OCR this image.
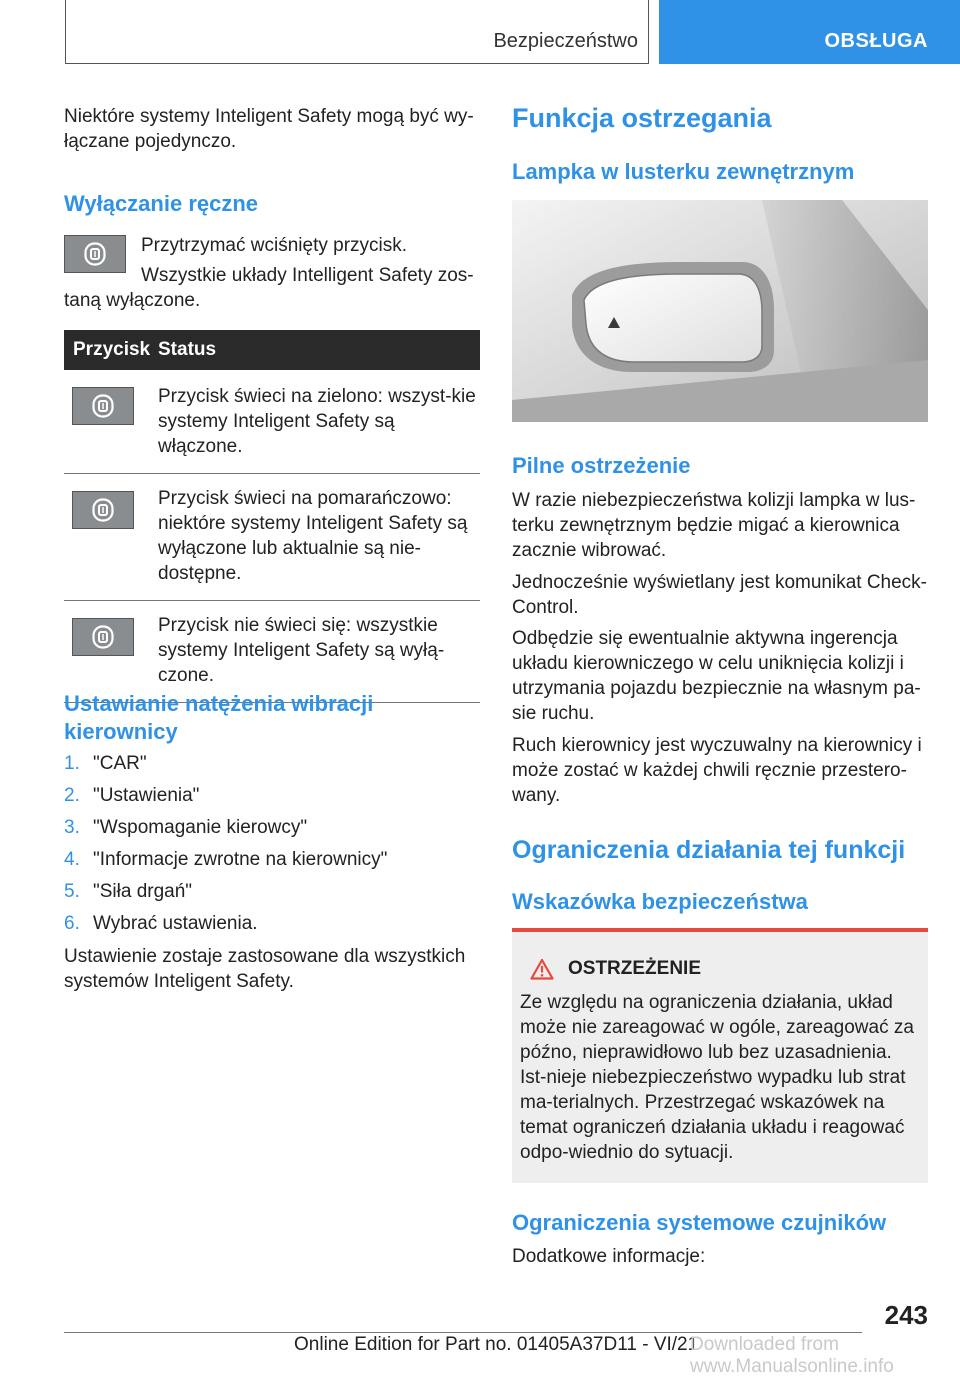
Bezpieczeństwo	OBSŁUGA

Niektóre systemy Inteligent Safety mogą być wy-łączane pojedynczo.

Wyłączanie ręczne

Przytrzymać wciśnięty przycisk.

Wszystkie układy Intelligent Safety zos-taną wyłączone.

Przycisk	Status

	Przycisk świeci na zielono: wszyst-kie systemy Inteligent Safety są włączone.

	Przycisk świeci na pomarańczowo: niektóre systemy Inteligent Safety są wyłączone lub aktualnie są nie-dostępne.

	Przycisk nie świeci się: wszystkie systemy Inteligent Safety są wyłą-czone.
Ustawianie natężenia wibracji kierownicy
1. "CAR"
2. "Ustawienia"
3. "Wspomaganie kierowcy"
4. "Informacje zwrotne na kierownicy"
5. "Siła drgań"
6. Wybrać ustawienia.

Ustawienie zostaje zastosowane dla wszystkich systemów Inteligent Safety.

Funkcja ostrzegania
Lampka w lusterku zewnętrznym
Pilne ostrzeżenie

W razie niebezpieczeństwa kolizji lampka w lus-terku zewnętrznym będzie migać a kierownica zacznie wibrować.

Jednocześnie wyświetlany jest komunikat Check-Control.

Odbędzie się ewentualnie aktywna ingerencja układu kierowniczego w celu uniknięcia kolizji i utrzymania pojazdu bezpiecznie na własnym pa-sie ruchu.

Ruch kierownicy jest wyczuwalny na kierownicy i może zostać w każdej chwili ręcznie przestero-wany.

Ograniczenia działania tej funkcji
Wskazówka bezpieczeństwa
OSTRZEŻENIE

Ze względu na ograniczenia działania, układ może nie zareagować w ogóle, zareagować za późno, nieprawidłowo lub bez uzasadnienia. Ist-nieje niebezpieczeństwo wypadku lub strat ma-terialnych. Przestrzegać wskazówek na temat ograniczeń działania układu i reagować odpo-wiednio do sytuacji.

Ograniczenia systemowe czujników

Dodatkowe informacje:

243
Online Edition for Part no. 01405A37D11 - VI/21
Downloaded from www.Manualsonline.info
